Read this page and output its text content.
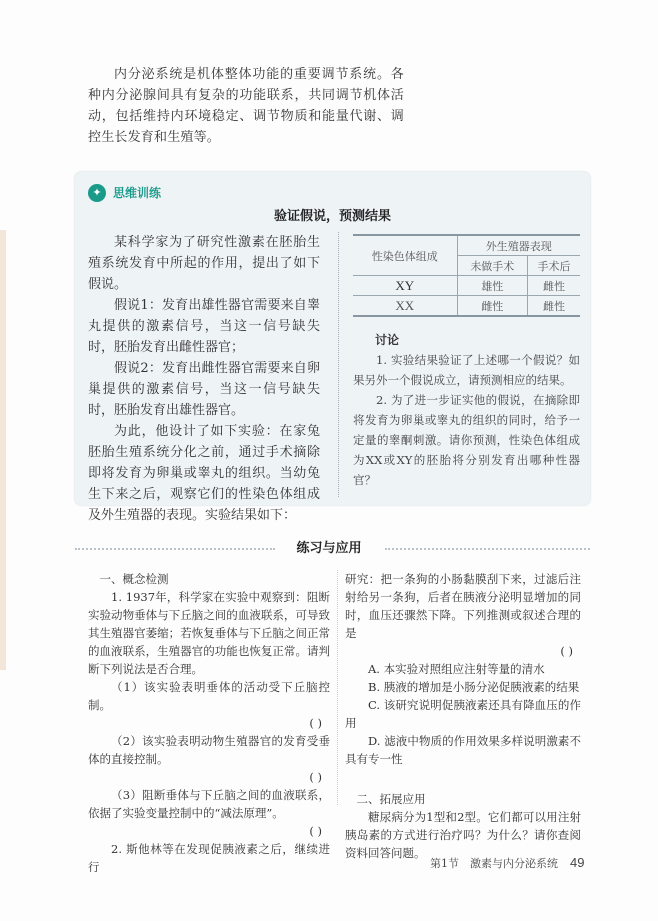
内分泌系统是机体整体功能的重要调节系统。各种内分泌腺间具有复杂的功能联系，共同调节机体活动，包括维持内环境稳定、调节物质和能量代谢、调控生长发育和生殖等。

✦ 思维训练
验证假说，预测结果

某科学家为了研究性激素在胚胎生殖系统发育中所起的作用，提出了如下假说。

假说1：发育出雄性器官需要来自睾丸提供的激素信号，当这一信号缺失时，胚胎发育出雌性器官；

假说2：发育出雌性器官需要来自卵巢提供的激素信号，当这一信号缺失时，胚胎发育出雄性器官。

为此，他设计了如下实验：在家兔胚胎生殖系统分化之前，通过手术摘除即将发育为卵巢或睾丸的组织。当幼兔生下来之后，观察它们的性染色体组成及外生殖器的表现。实验结果如下：

性染色体组成	外生殖器表现	
	未做手术	手术后
XY	雄性	雌性
XX	雌性	雌性
讨论

1. 实验结果验证了上述哪一个假说？如果另外一个假说成立，请预测相应的结果。

2. 为了进一步证实他的假说，在摘除即将发育为卵巢或睾丸的组织的同时，给予一定量的睾酮刺激。请你预测，性染色体组成为XX或XY的胚胎将分别发育出哪种性器官？

练习与应用
一、概念检测

1. 1937年，科学家在实验中观察到：阻断实验动物垂体与下丘脑之间的血液联系，可导致其生殖器官萎缩；若恢复垂体与下丘脑之间正常的血液联系，生殖器官的功能也恢复正常。请判断下列说法是否合理。

（1）该实验表明垂体的活动受下丘脑控制。

( )

（2）该实验表明动物生殖器官的发育受垂体的直接控制。

( )

（3）阻断垂体与下丘脑之间的血液联系，依据了实验变量控制中的“减法原理”。

( )

2. 斯他林等在发现促胰液素之后，继续进行

研究：把一条狗的小肠黏膜刮下来，过滤后注射给另一条狗，后者在胰液分泌明显增加的同时，血压还骤然下降。下列推测或叙述合理的是

( )

A. 本实验对照组应注射等量的清水

B. 胰液的增加是小肠分泌促胰液素的结果

C. 该研究说明促胰液素还具有降血压的作用

D. 滤液中物质的作用效果多样说明激素不具有专一性

二、拓展应用

糖尿病分为1型和2型。它们都可以用注射胰岛素的方式进行治疗吗？为什么？请你查阅资料回答问题。

第1节　激素与内分泌系统 49
